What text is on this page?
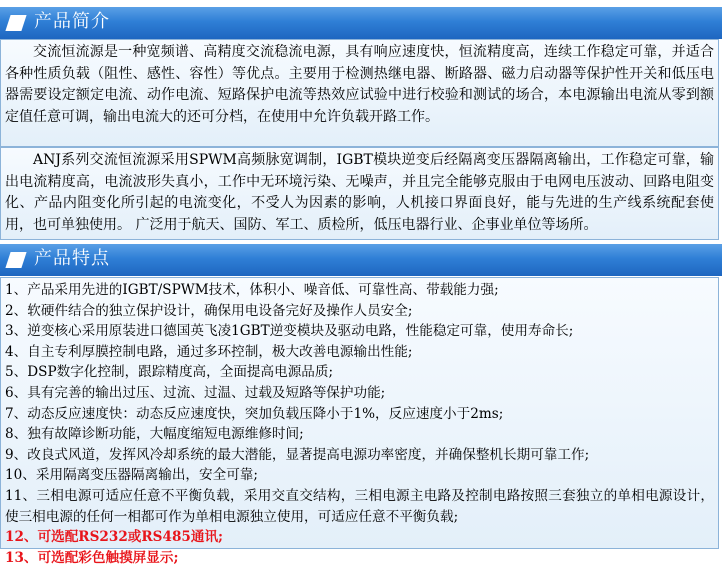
产品简介

交流恒流源是一种宽频谱、高精度交流稳流电源，具有响应速度快，恒流精度高，连续工作稳定可靠，并适合各种性质负载（阻性、感性、容性）等优点。主要用于检测热继电器、断路器、磁力启动器等保护性开关和低压电器需要设定额定电流、动作电流、短路保护电流等热效应试验中进行校验和测试的场合，本电源输出电流从零到额定值任意可调，输出电流大的还可分档，在使用中允许负载开路工作。

ANJ系列交流恒流源采用SPWM高频脉宽调制，IGBT模块逆变后经隔离变压器隔离输出，工作稳定可靠，输出电流精度高，电流波形失真小，工作中无环境污染、无噪声，并且完全能够克服由于电网电压波动、回路电阻变化、产品内阻变化所引起的电流变化，不受人为因素的影响，人机接口界面良好，能与先进的生产线系统配套使用，也可单独使用。 广泛用于航天、国防、军工、质检所，低压电器行业、企事业单位等场所。

产品特点

1、产品采用先进的IGBT/SPWM技术，体积小、噪音低、可靠性高、带载能力强;

2、软硬件结合的独立保护设计，确保用电设备完好及操作人员安全;

3、逆变核心采用原装进口德国英飞凌1GBT逆变模块及驱动电路，性能稳定可靠，使用寿命长;

4、自主专利厚膜控制电路，通过多环控制，极大改善电源输出性能;

5、DSP数字化控制，跟踪精度高，全面提高电源品质;

6、具有完善的输出过压、过流、过温、过载及短路等保护功能;

7、动态反应速度快：动态反应速度快，突加负载压降小于1%，反应速度小于2ms;

8、独有故障诊断功能，大幅度缩短电源维修时间;

9、改良式风道，发挥风冷却系统的最大潜能，显著提高电源功率密度，并确保整机长期可靠工作;

10、采用隔离变压器隔离输出，安全可靠;

11、三相电源可适应任意不平衡负载，采用交直交结构，三相电源主电路及控制电路按照三套独立的单相电源设计，使三相电源的任何一相都可作为单相电源独立使用，可适应任意不平衡负载;

12、可选配RS232或RS485通讯;

13、可选配彩色触摸屏显示;
